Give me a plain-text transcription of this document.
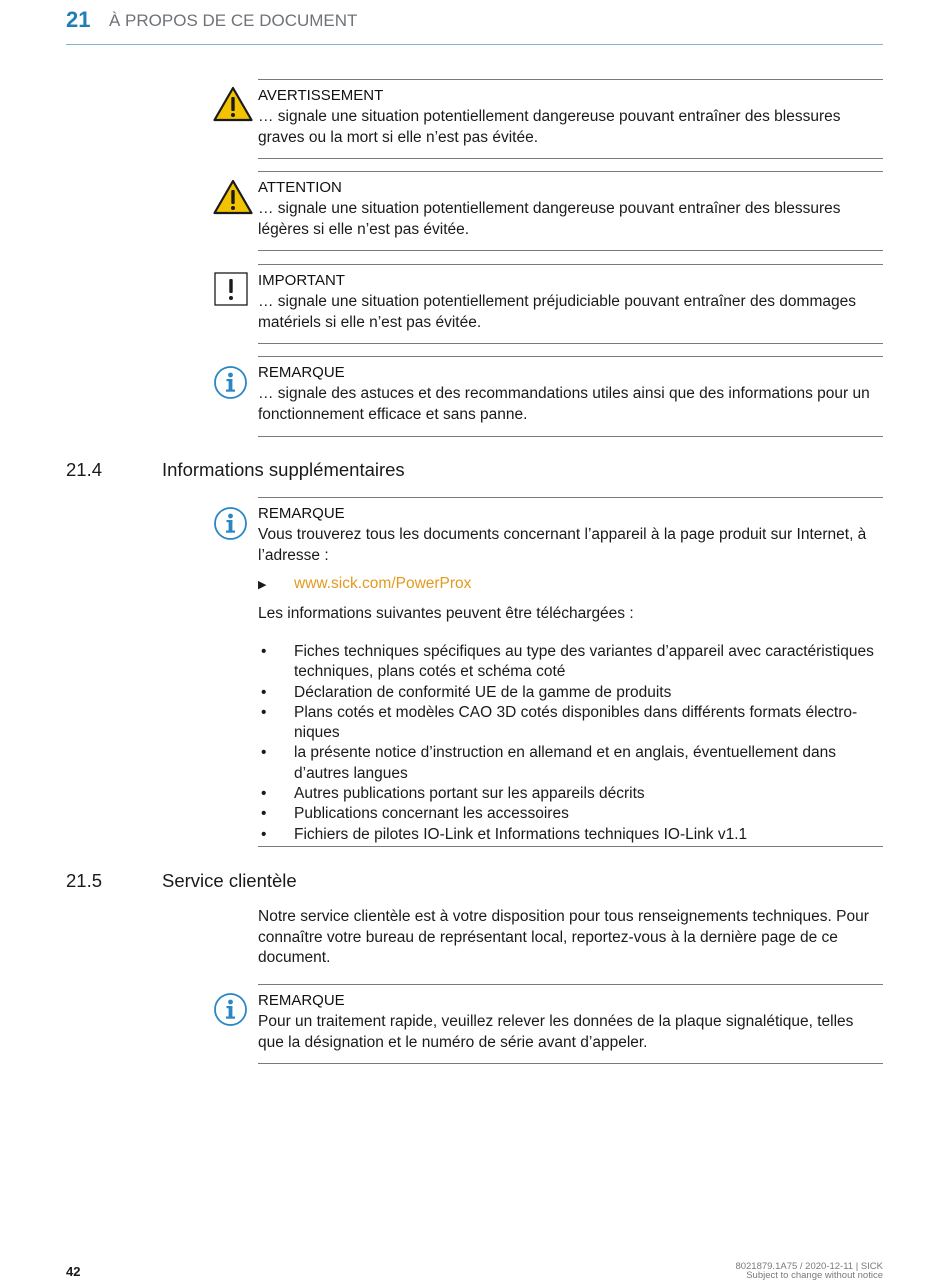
21 À PROPOS DE CE DOCUMENT
AVERTISSEMENT
… signale une situation potentiellement dangereuse pouvant entraîner des blessures graves ou la mort si elle n’est pas évitée.
ATTENTION
… signale une situation potentiellement dangereuse pouvant entraîner des blessures légères si elle n’est pas évitée.
IMPORTANT
… signale une situation potentiellement préjudiciable pouvant entraîner des dommages matériels si elle n’est pas évitée.
REMARQUE
… signale des astuces et des recommandations utiles ainsi que des informations pour un fonctionnement efficace et sans panne.
21.4	Informations supplémentaires
REMARQUE
Vous trouverez tous les documents concernant l’appareil à la page produit sur Internet, à l’adresse :
▶ www.sick.com/PowerProx
Les informations suivantes peuvent être téléchargées :
• Fiches techniques spécifiques au type des variantes d’appareil avec caractéristiques techniques, plans cotés et schéma coté
• Déclaration de conformité UE de la gamme de produits
• Plans cotés et modèles CAO 3D cotés disponibles dans différents formats électroniques
• la présente notice d’instruction en allemand et en anglais, éventuellement dans d’autres langues
• Autres publications portant sur les appareils décrits
• Publications concernant les accessoires
• Fichiers de pilotes IO-Link et Informations techniques IO-Link v1.1
21.5	Service clientèle
Notre service clientèle est à votre disposition pour tous renseignements techniques. Pour connaître votre bureau de représentant local, reportez-vous à la dernière page de ce document.
REMARQUE
Pour un traitement rapide, veuillez relever les données de la plaque signalétique, telles que la désignation et le numéro de série avant d’appeler.
42	8021879.1A75 / 2020-12-11 | SICK
Subject to change without notice
